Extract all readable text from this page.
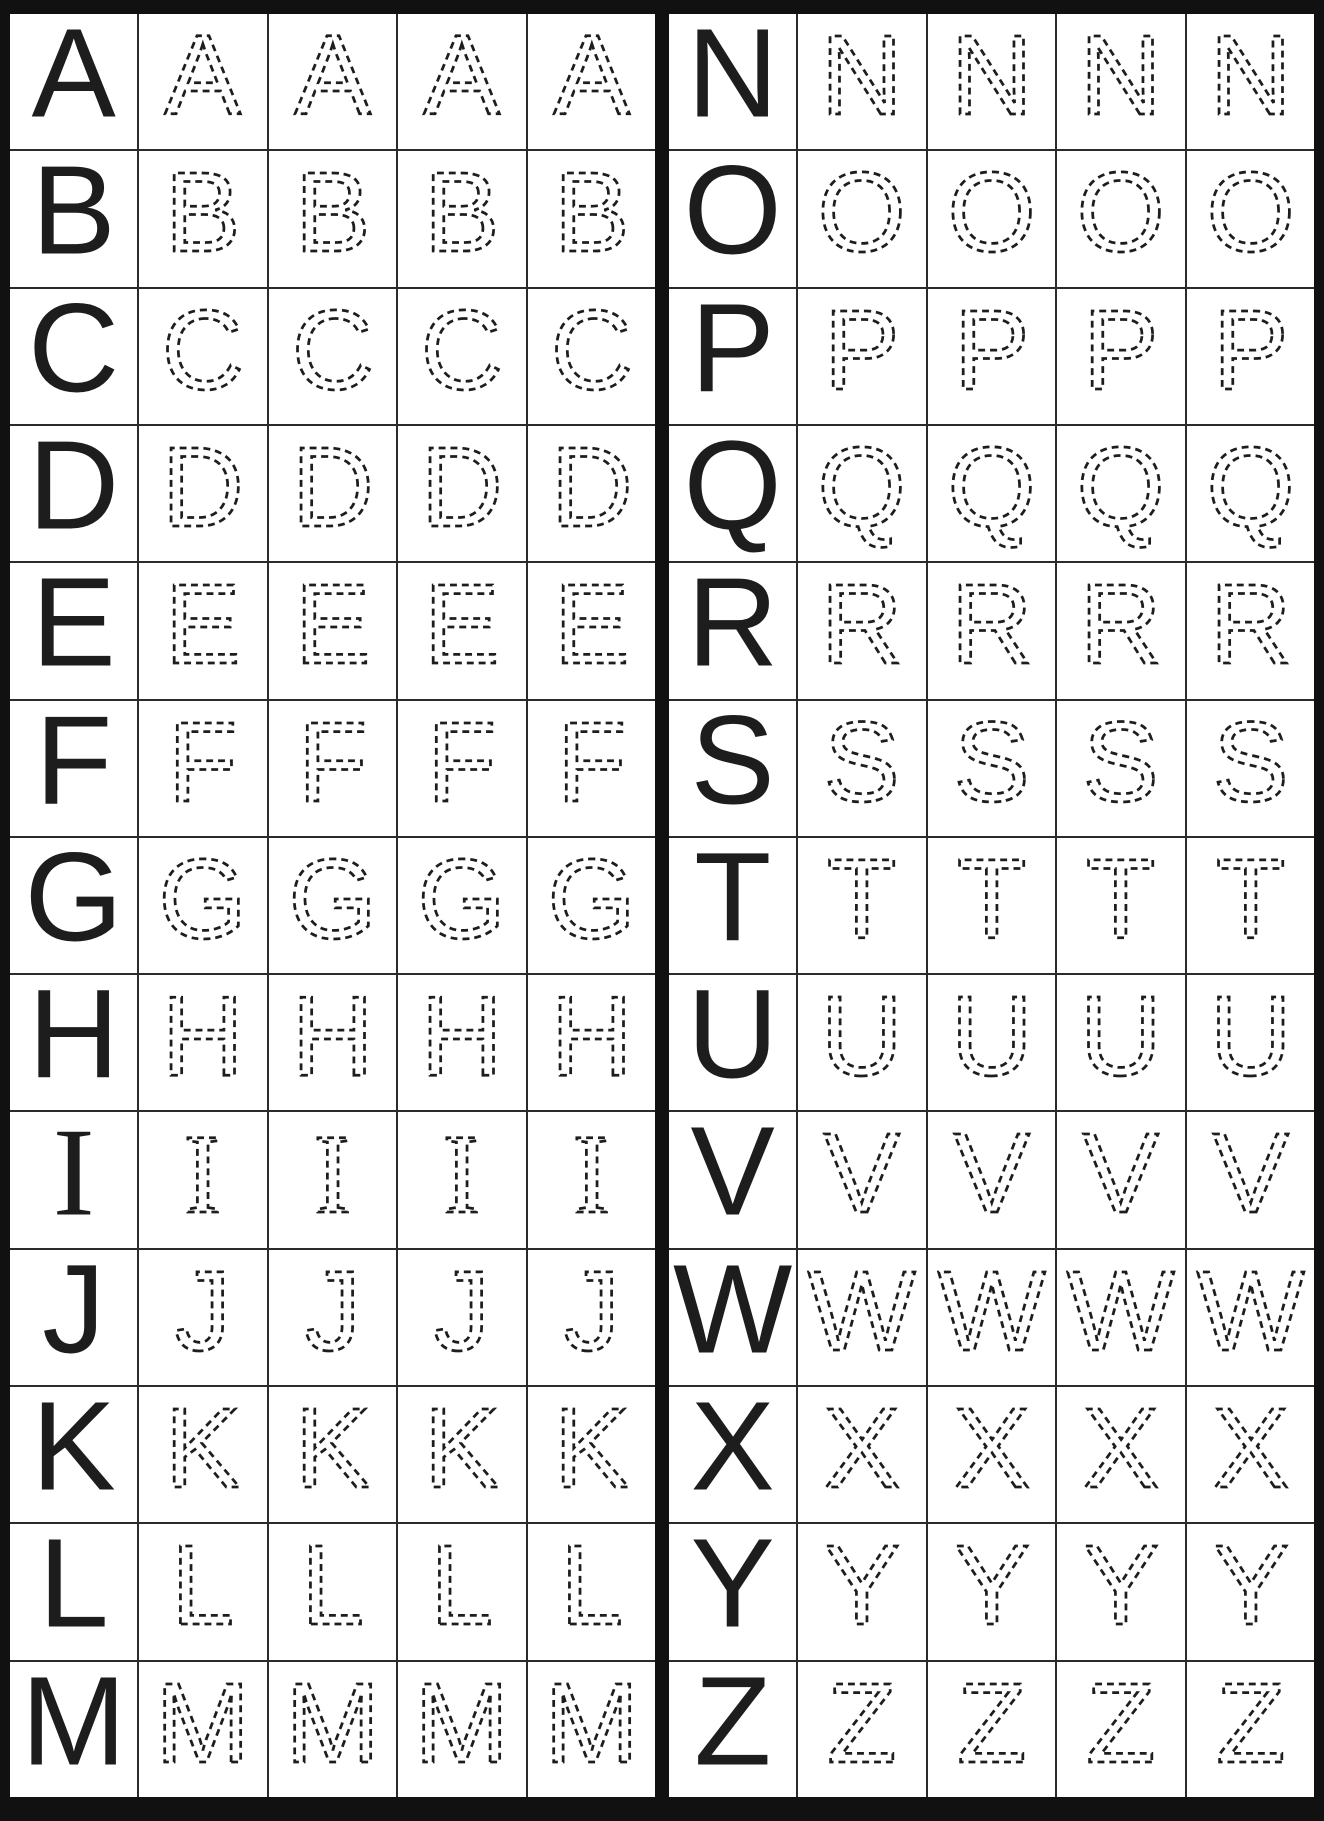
A A A A A
B B B B B
C C C C C
D D D D D
E E E E E
F F F F F
G G G G G
H H H H H
I I I I I
J J J J J
K K K K K
L L L L L
M M M M M
N N N N N
O O O O O
P P P P P
Q Q Q Q Q
R R R R R
S S S S S
T T T T T
U U U U U
V V V V V
W W W W W
X X X X X
Y Y Y Y Y
Z Z Z Z Z
